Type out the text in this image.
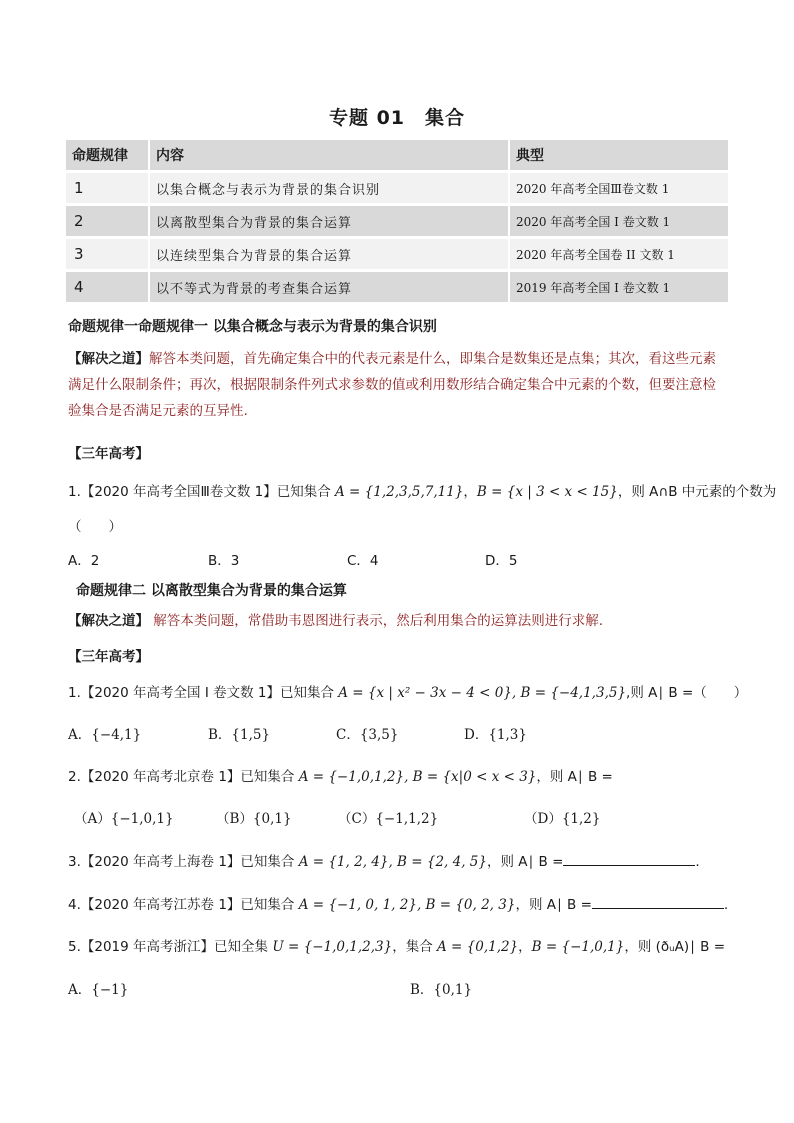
专题 01　集合
命题规律	内容	典型
1	以集合概念与表示为背景的集合识别	2020 年高考全国Ⅲ卷文数 1
2	以离散型集合为背景的集合运算	2020 年高考全国 I 卷文数 1
3	以连续型集合为背景的集合运算	2020 年高考全国卷 II 文数 1
4	以不等式为背景的考查集合运算	2019 年高考全国 I 卷文数 1
命题规律一命题规律一 以集合概念与表示为背景的集合识别
【解决之道】解答本类问题，首先确定集合中的代表元素是什么，即集合是数集还是点集；其次，看这些元素满足什么限制条件；再次，根据限制条件列式求参数的值或利用数形结合确定集合中元素的个数，但要注意检验集合是否满足元素的互异性.
【三年高考】
1.【2020 年高考全国Ⅲ卷文数 1】已知集合 A = {1,2,3,5,7,11}，B = {x | 3 < x < 15}，则 A∩B 中元素的个数为
（　　）
A．2	B．3	C．4	D．5
命题规律二 以离散型集合为背景的集合运算
【解决之道】 解答本类问题，常借助韦恩图进行表示，然后利用集合的运算法则进行求解.
【三年高考】
1.【2020 年高考全国 I 卷文数 1】已知集合 A = {x | x² − 3x − 4 < 0}, B = {−4,1,3,5},则 A∣ B =（　　）
A．{−4,1}	B．{1,5}	C．{3,5}	D．{1,3}
2.【2020 年高考北京卷 1】已知集合 A = {−1,0,1,2}, B = {x|0 < x < 3}，则 A∣ B =
（A）{−1,0,1}	（B）{0,1}	（C）{−1,1,2}	（D）{1,2}
3.【2020 年高考上海卷 1】已知集合 A = {1, 2, 4}, B = {2, 4, 5}，则 A∣ B =	.
4.【2020 年高考江苏卷 1】已知集合 A = {−1, 0, 1, 2}, B = {0, 2, 3}，则 A∣ B =	.
5.【2019 年高考浙江】已知全集 U = {−1,0,1,2,3}，集合 A = {0,1,2}，B = {−1,0,1}，则 (ðᵤA)∣ B =
A．{−1}	B．{0,1}
